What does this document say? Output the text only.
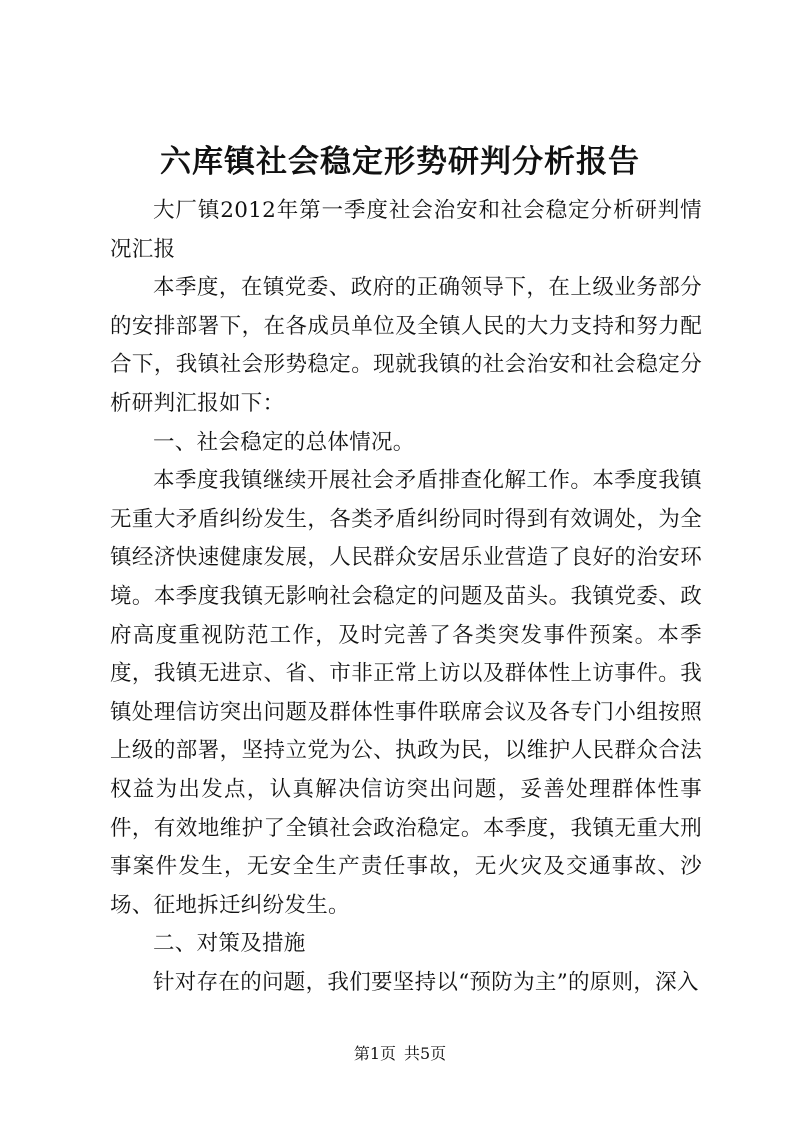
六库镇社会稳定形势研判分析报告

大厂镇2012年第一季度社会治安和社会稳定分析研判情况汇报

本季度，在镇党委、政府的正确领导下，在上级业务部分的安排部署下，在各成员单位及全镇人民的大力支持和努力配合下，我镇社会形势稳定。现就我镇的社会治安和社会稳定分析研判汇报如下：

一、社会稳定的总体情况。

本季度我镇继续开展社会矛盾排查化解工作。本季度我镇无重大矛盾纠纷发生，各类矛盾纠纷同时得到有效调处，为全镇经济快速健康发展，人民群众安居乐业营造了良好的治安环境。本季度我镇无影响社会稳定的问题及苗头。我镇党委、政府高度重视防范工作，及时完善了各类突发事件预案。本季度，我镇无进京、省、市非正常上访以及群体性上访事件。我镇处理信访突出问题及群体性事件联席会议及各专门小组按照上级的部署，坚持立党为公、执政为民，以维护人民群众合法权益为出发点，认真解决信访突出问题，妥善处理群体性事件，有效地维护了全镇社会政治稳定。本季度，我镇无重大刑事案件发生，无安全生产责任事故，无火灾及交通事故、沙场、征地拆迁纠纷发生。

二、对策及措施

针对存在的问题，我们要坚持以“预防为主”的原则，深入

第1页 共5页
